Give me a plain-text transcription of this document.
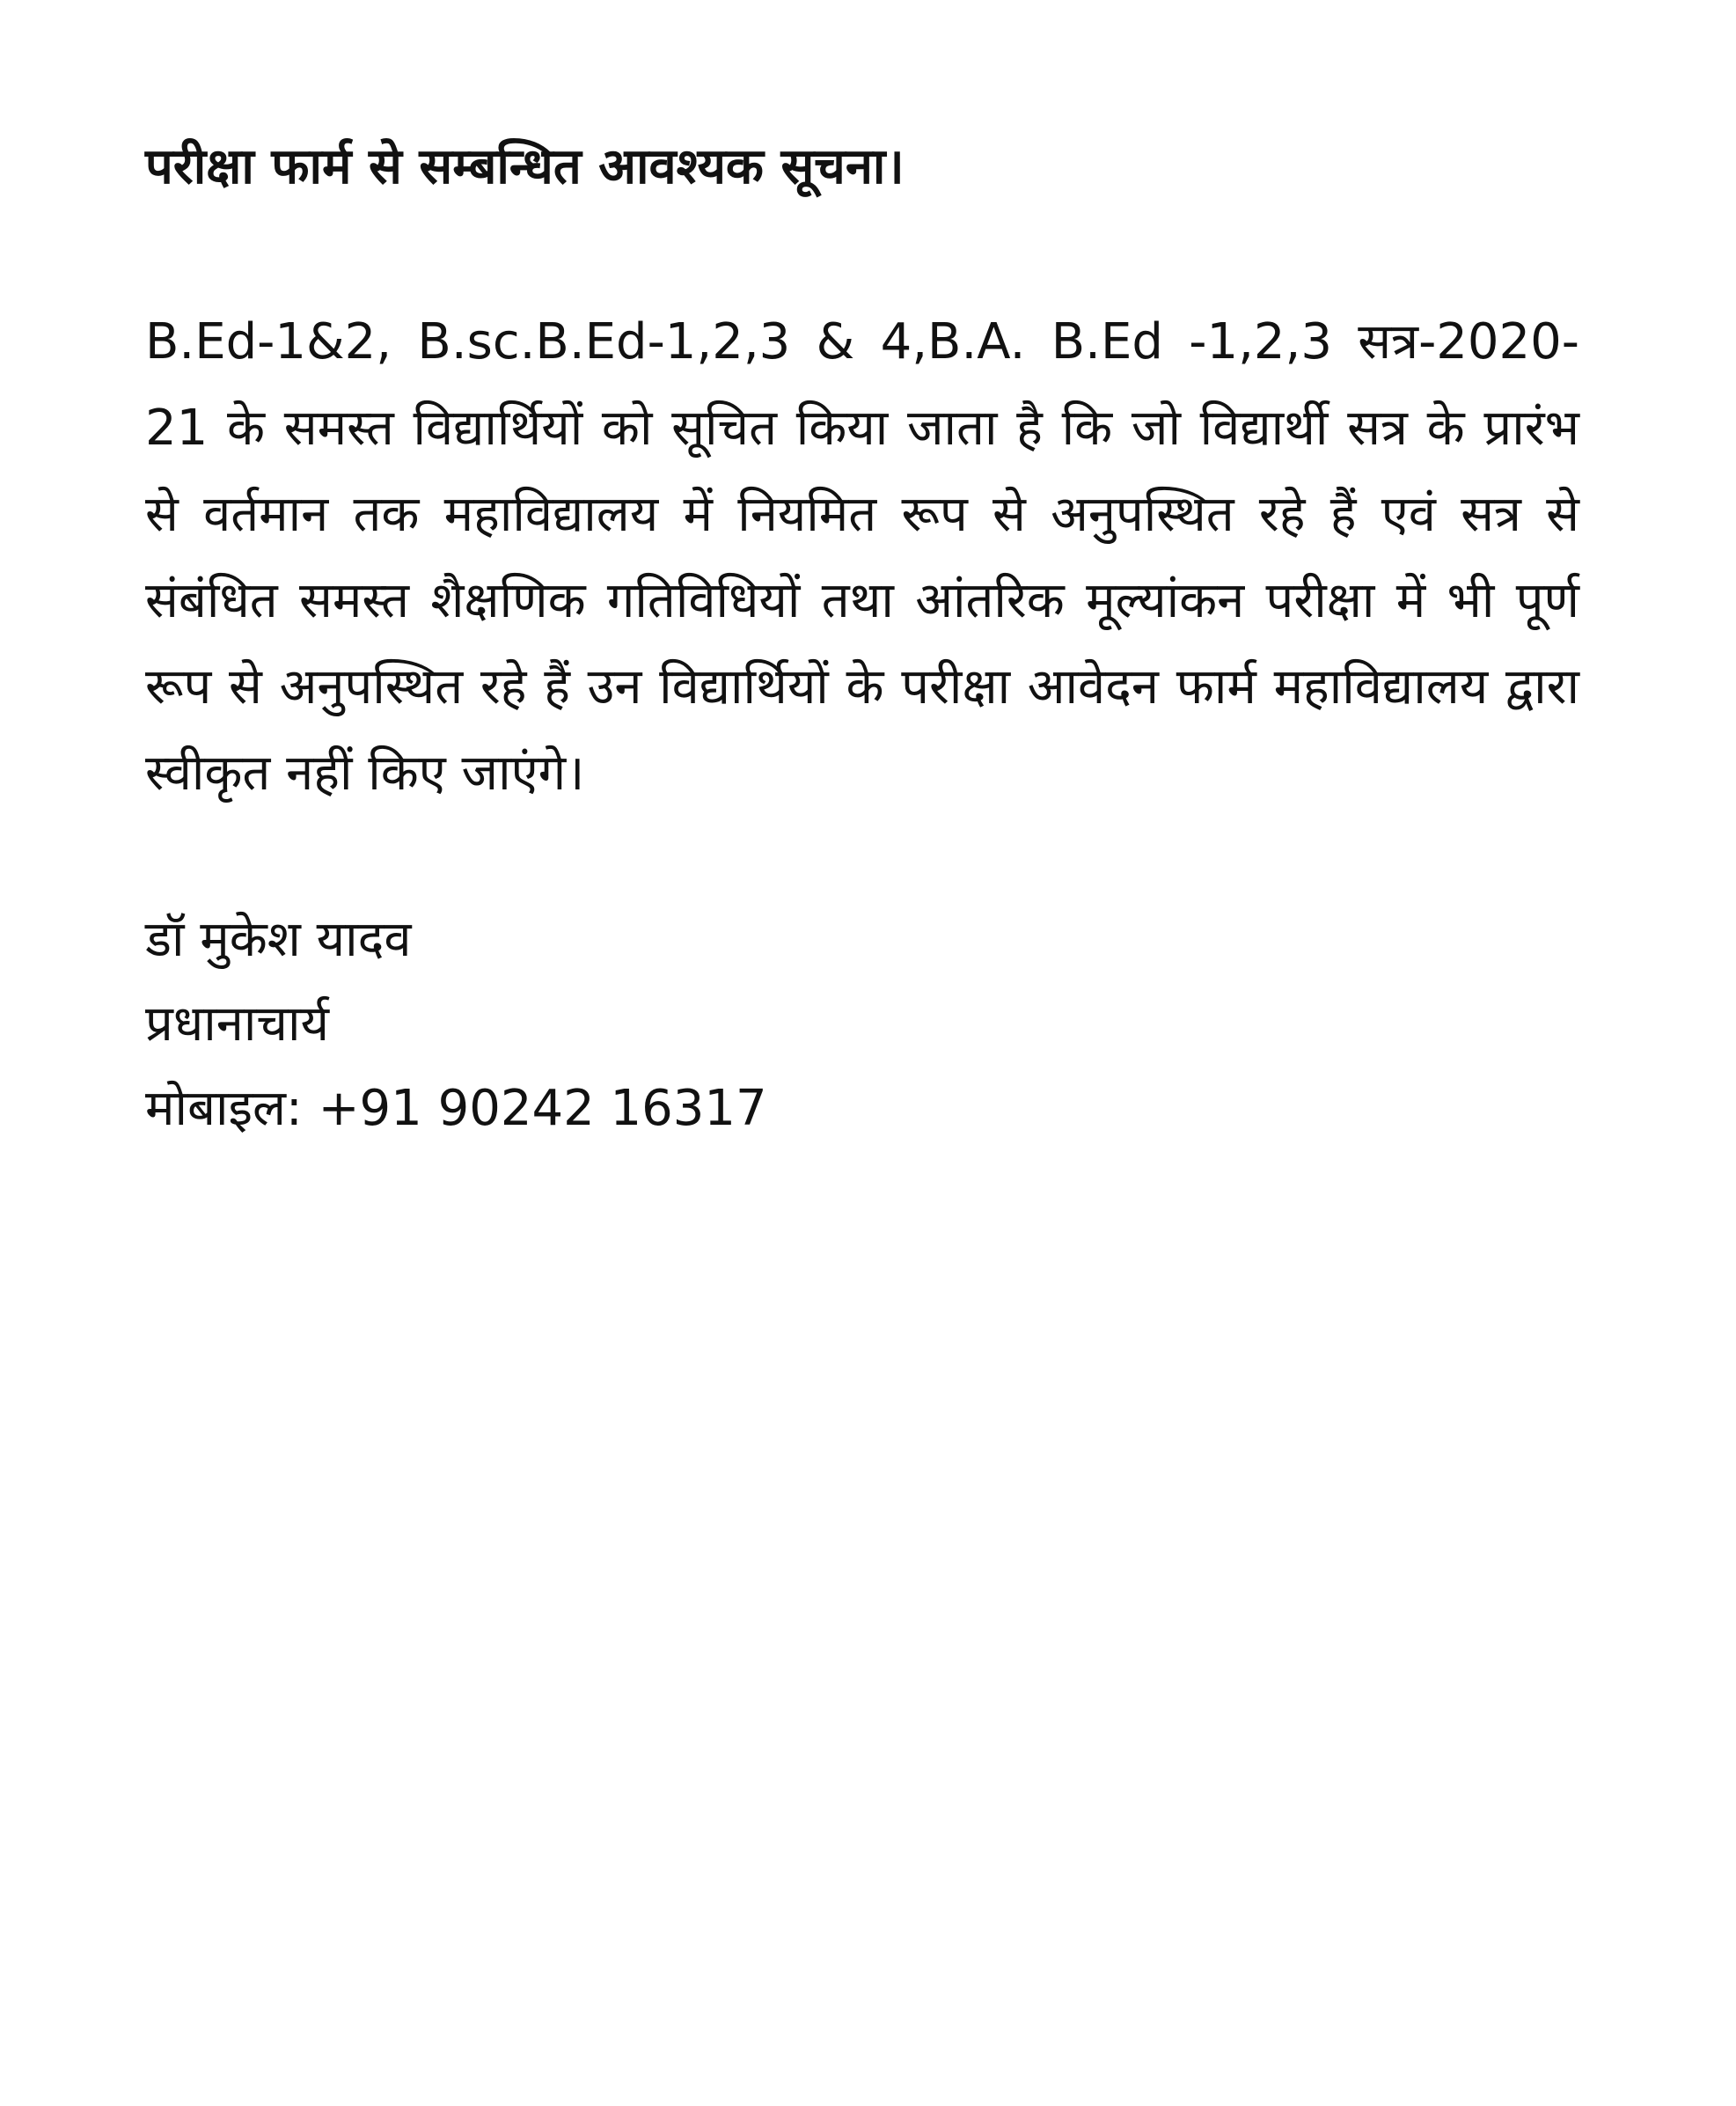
परीक्षा फार्म से सम्बन्धित आवश्यक सूचना।

B.Ed-1&2, B.sc.B.Ed-1,2,3 & 4,B.A. B.Ed -1,2,3 सत्र-2020-21 के समस्त विद्यार्थियों को सूचित किया जाता है कि जो विद्यार्थी सत्र के प्रारंभ से वर्तमान तक महाविद्यालय में नियमित रूप से अनुपस्थित रहे हैं एवं सत्र से संबंधित समस्त शैक्षणिक गतिविधियों तथा आंतरिक मूल्यांकन परीक्षा में भी पूर्ण रूप से अनुपस्थित रहे हैं उन विद्यार्थियों के परीक्षा आवेदन फार्म महाविद्यालय द्वारा स्वीकृत नहीं किए जाएंगे।

डॉ मुकेश यादव
प्रधानाचार्य
मोबाइल: +91 90242 16317
